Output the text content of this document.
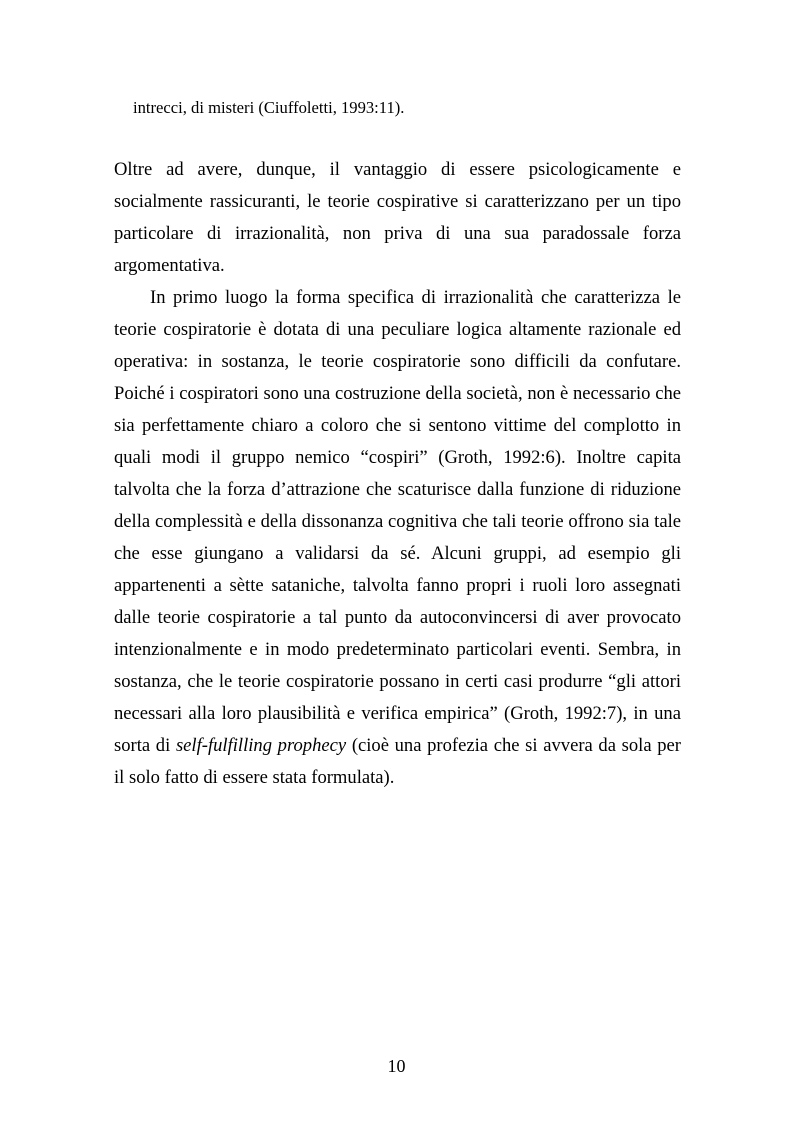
intrecci, di misteri (Ciuffoletti, 1993:11).

Oltre ad avere, dunque, il vantaggio di essere psicologicamente e socialmente rassicuranti, le teorie cospirative si caratterizzano per un tipo particolare di irrazionalità, non priva di una sua paradossale forza argomentativa.

In primo luogo la forma specifica di irrazionalità che caratterizza le teorie cospiratorie è dotata di una peculiare logica altamente razionale ed operativa: in sostanza, le teorie cospiratorie sono difficili da confutare. Poiché i cospiratori sono una costruzione della società, non è necessario che sia perfettamente chiaro a coloro che si sentono vittime del complotto in quali modi il gruppo nemico “cospiri” (Groth, 1992:6). Inoltre capita talvolta che la forza d’attrazione che scaturisce dalla funzione di riduzione della complessità e della dissonanza cognitiva che tali teorie offrono sia tale che esse giungano a validarsi da sé. Alcuni gruppi, ad esempio gli appartenenti a sètte sataniche, talvolta fanno propri i ruoli loro assegnati dalle teorie cospiratorie a tal punto da autoconvincersi di aver provocato intenzionalmente e in modo predeterminato particolari eventi. Sembra, in sostanza, che le teorie cospiratorie possano in certi casi produrre “gli attori necessari alla loro plausibilità e verifica empirica” (Groth, 1992:7), in una sorta di self-fulfilling prophecy (cioè una profezia che si avvera da sola per il solo fatto di essere stata formulata).

10
